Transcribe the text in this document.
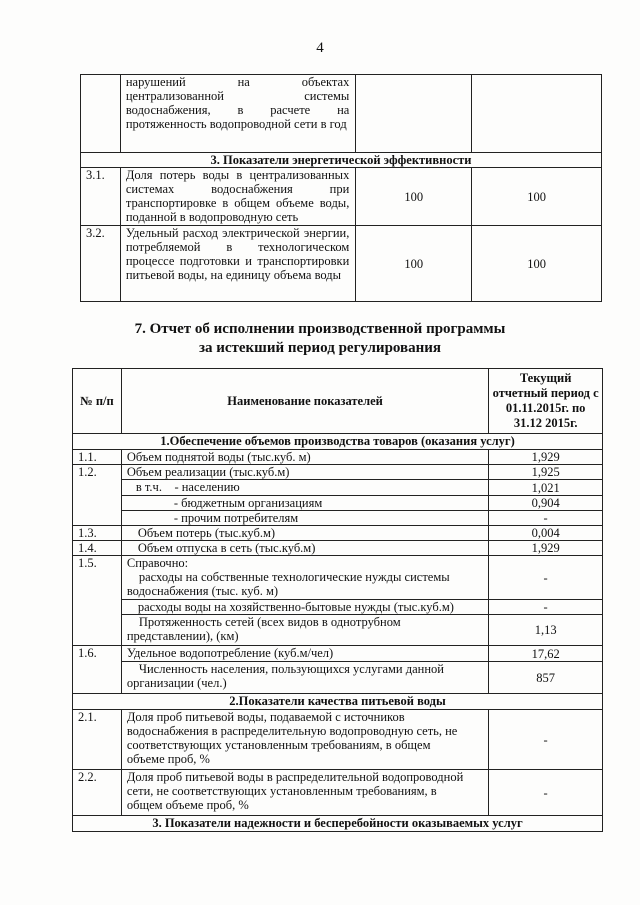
4
	нарушений на объектах централизованной системы водоснабжения, в расчете на протяженность водопроводной сети в год		
3. Показатели энергетической эффективности			
3.1.	Доля потерь воды в централизованных системах водоснабжения при транспортировке в общем объеме воды, поданной в водопроводную сеть	100	100
3.2.	Удельный расход электрической энергии, потребляемой в технологическом процессе подготовки и транспортировки питьевой воды, на единицу объема воды	100	100
7. Отчет об исполнении производственной программы
за истекший период регулирования
№ п/п	Наименование показателей	Текущий отчетный период с 01.11.2015г. по 31.12 2015г.
1.Обеспечение объемов производства товаров (оказания услуг)		
1.1.	Объем поднятой воды (тыс.куб. м)	1,929
1.2.	Объем реализации (тыс.куб.м)	1,925
	в т.ч.    - населению	1,021
	- бюджетным организациям	0,904
	- прочим потребителям	-
1.3.	Объем потерь (тыс.куб.м)	0,004
1.4.	Объем отпуска в сеть (тыс.куб.м)	1,929
1.5.	Справочно:
расходы на собственные технологические нужды системы
водоснабжения (тыс. куб. м)	-
	расходы воды на хозяйственно-бытовые нужды (тыс.куб.м)	-

	Протяженность сетей (всех видов в однотрубном
представлении), (км)	1,13
1.6.	Удельное водопотребление (куб.м/чел)	17,62

	Численность населения, пользующихся услугами данной
организации (чел.)	857
2.Показатели качества питьевой воды		
2.1.	Доля проб питьевой воды, подаваемой с источников
водоснабжения в распределительную водопроводную сеть, не
соответствующих установленным требованиям, в общем
объеме проб, %	-
2.2.	Доля проб питьевой воды в распределительной водопроводной
сети, не соответствующих установленным требованиям, в
общем объеме проб, %	-
3. Показатели надежности и бесперебойности оказываемых услуг		
